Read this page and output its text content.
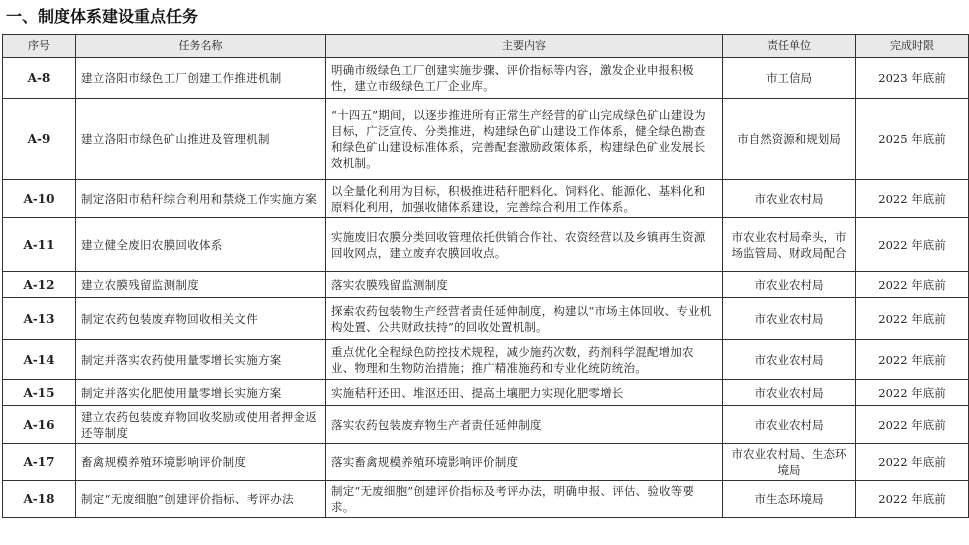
一、制度体系建设重点任务
序号	任务名称	主要内容	责任单位	完成时限
A-8	建立洛阳市绿色工厂创建工作推进机制	明确市级绿色工厂创建实施步骤、评价指标等内容，激发企业申报积极性，建立市级绿色工厂企业库。	市工信局	2023 年底前
A-9	建立洛阳市绿色矿山推进及管理机制	“十四五”期间，以逐步推进所有正常生产经营的矿山完成绿色矿山建设为目标，广泛宣传、分类推进，构建绿色矿山建设工作体系，健全绿色勘查和绿色矿山建设标准体系，完善配套激励政策体系，构建绿色矿业发展长效机制。	市自然资源和规划局	2025 年底前
A-10	制定洛阳市秸秆综合利用和禁烧工作实施方案	以全量化利用为目标，积极推进秸秆肥料化、饲料化、能源化、基料化和原料化利用，加强收储体系建设，完善综合利用工作体系。	市农业农村局	2022 年底前
A-11	建立健全废旧农膜回收体系	实施废旧农膜分类回收管理依托供销合作社、农资经营以及乡镇再生资源回收网点，建立废弃农膜回收点。	市农业农村局牵头，市场监管局、财政局配合	2022 年底前
A-12	建立农膜残留监测制度	落实农膜残留监测制度	市农业农村局	2022 年底前
A-13	制定农药包装废弃物回收相关文件	探索农药包装物生产经营者责任延伸制度，构建以“市场主体回收、专业机构处置、公共财政扶持”的回收处置机制。	市农业农村局	2022 年底前
A-14	制定并落实农药使用量零增长实施方案	重点优化全程绿色防控技术规程，减少施药次数，药剂科学混配增加农业、物理和生物防治措施；推广精准施药和专业化统防统治。	市农业农村局	2022 年底前
A-15	制定并落实化肥使用量零增长实施方案	实施秸秆还田、堆沤还田、提高土壤肥力实现化肥零增长	市农业农村局	2022 年底前
A-16	建立农药包装废弃物回收奖励或使用者押金返还等制度	落实农药包装废弃物生产者责任延伸制度	市农业农村局	2022 年底前
A-17	畜禽规模养殖环境影响评价制度	落实畜禽规模养殖环境影响评价制度	市农业农村局、生态环境局	2022 年底前
A-18	制定“无废细胞”创建评价指标、考评办法	制定“无废细胞”创建评价指标及考评办法，明确申报、评估、验收等要求。	市生态环境局	2022 年底前
